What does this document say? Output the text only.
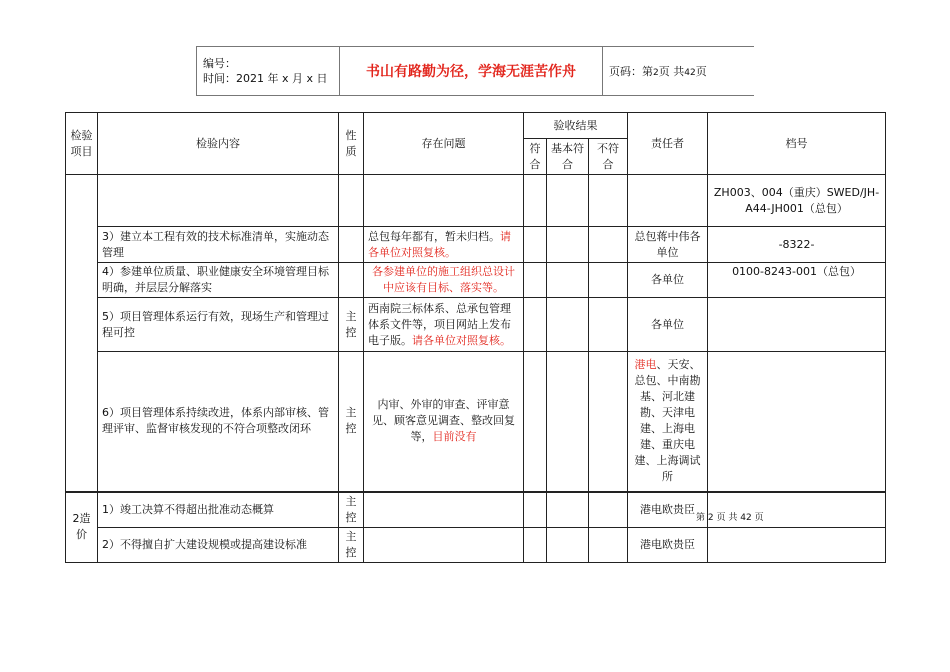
编号：
时间：2021 年 x 月 x 日	书山有路勤为径，学海无涯苦作舟	页码：第2页 共42页
检验项目	检验内容	性质	存在问题	验收结果			责任者	档号
				符合	基本符合	不符合		
								ZH003、004（重庆）SWED/JH-A44-JH001（总包）
	3）建立本工程有效的技术标准清单，实施动态管理		总包每年都有，暂未归档。请各单位对照复核。				总包蒋中伟各单位	-8322-
	4）参建单位质量、职业健康安全环境管理目标明确，并层层分解落实		各参建单位的施工组织总设计中应该有目标、落实等。				各单位	0100-8243-001（总包）
	5）项目管理体系运行有效，现场生产和管理过程可控	主控	西南院三标体系、总承包管理体系文件等，项目网站上发布电子版。请各单位对照复核。				各单位	
	6）项目管理体系持续改进，体系内部审核、管理评审、监督审核发现的不符合项整改闭环	主控	内审、外审的审查、评审意见、顾客意见调查、整改回复等，目前没有				港电、天安、总包、中南勘基、河北建勘、天津电建、上海电建、重庆电建、上海调试所	
2造价	1）竣工决算不得超出批准动态概算	主控					港电欧贵臣	
	2）不得擅自扩大建设规模或提高建设标准	主控					港电欧贵臣	
第 2 页 共 42 页
